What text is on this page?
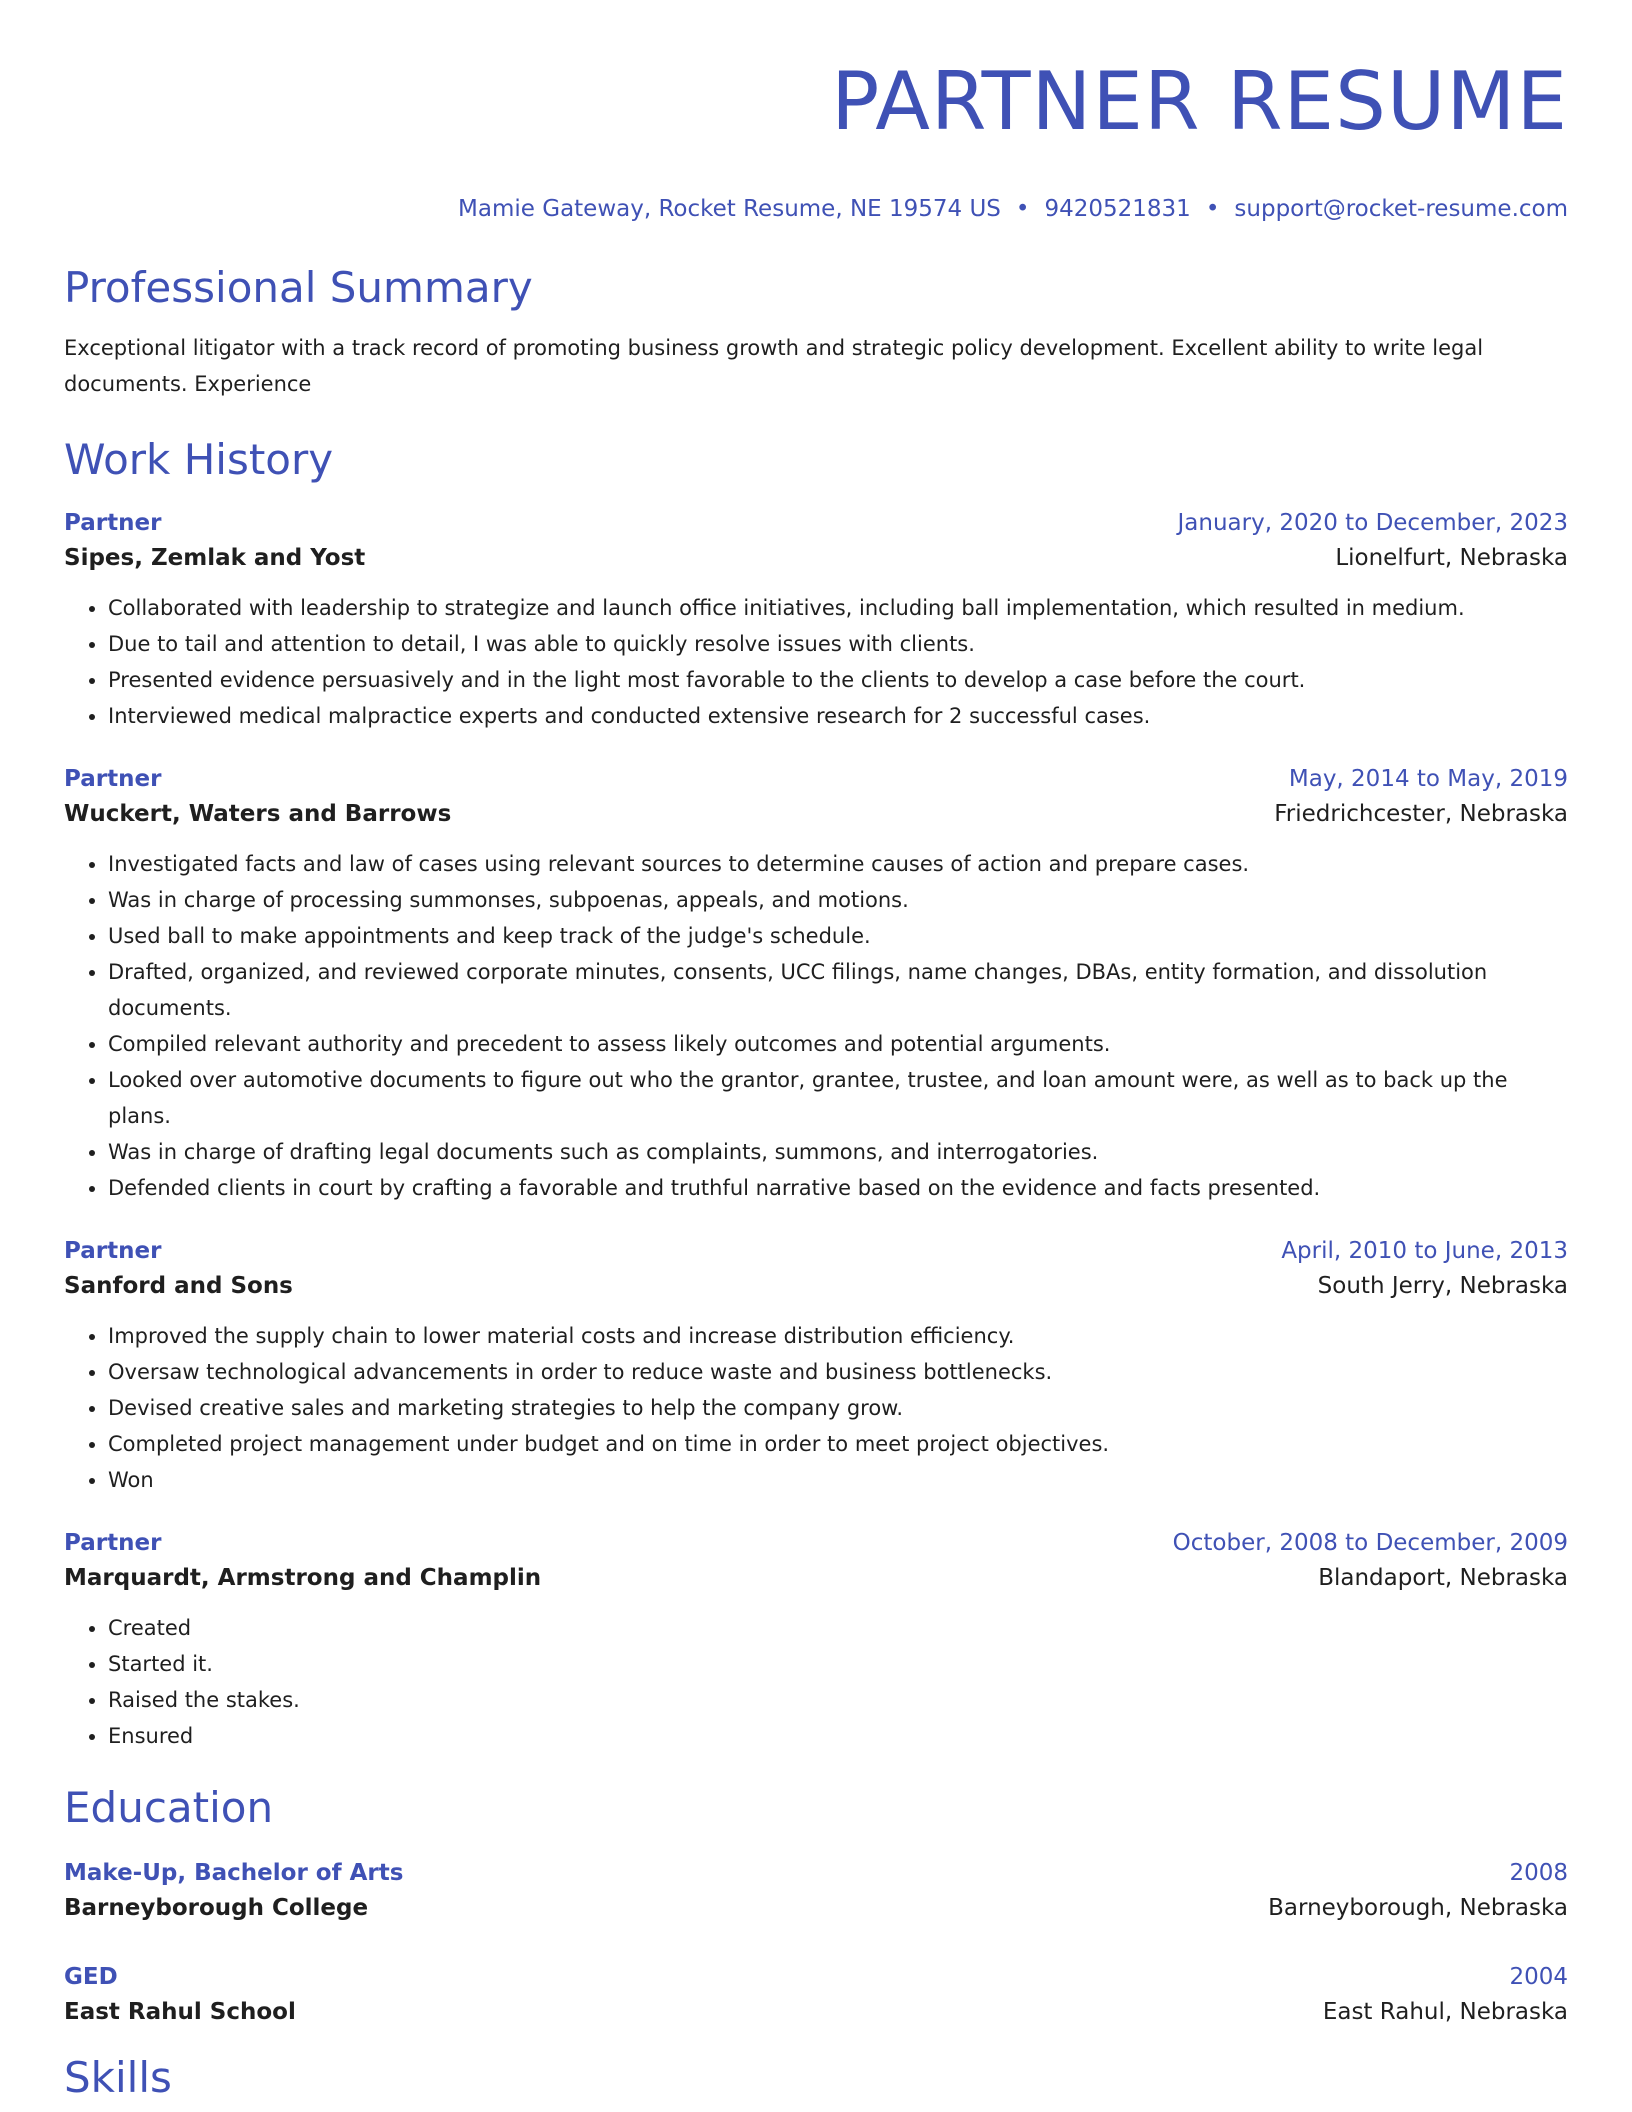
PARTNER RESUME
Mamie Gateway, Rocket Resume, NE 19574 US • 9420521831 • support@rocket-resume.com
Professional Summary
Exceptional litigator with a track record of promoting business growth and strategic policy development. Excellent ability to write legal documents. Experience
Work History
Partner	January, 2020 to December, 2023
Sipes, Zemlak and Yost	Lionelfurt, Nebraska
• Collaborated with leadership to strategize and launch office initiatives, including ball implementation, which resulted in medium.
• Due to tail and attention to detail, I was able to quickly resolve issues with clients.
• Presented evidence persuasively and in the light most favorable to the clients to develop a case before the court.
• Interviewed medical malpractice experts and conducted extensive research for 2 successful cases.
Partner	May, 2014 to May, 2019
Wuckert, Waters and Barrows	Friedrichcester, Nebraska
• Investigated facts and law of cases using relevant sources to determine causes of action and prepare cases.
• Was in charge of processing summonses, subpoenas, appeals, and motions.
• Used ball to make appointments and keep track of the judge's schedule.
• Drafted, organized, and reviewed corporate minutes, consents, UCC filings, name changes, DBAs, entity formation, and dissolution documents.
• Compiled relevant authority and precedent to assess likely outcomes and potential arguments.
• Looked over automotive documents to figure out who the grantor, grantee, trustee, and loan amount were, as well as to back up the plans.
• Was in charge of drafting legal documents such as complaints, summons, and interrogatories.
• Defended clients in court by crafting a favorable and truthful narrative based on the evidence and facts presented.
Partner	April, 2010 to June, 2013
Sanford and Sons	South Jerry, Nebraska
• Improved the supply chain to lower material costs and increase distribution efficiency.
• Oversaw technological advancements in order to reduce waste and business bottlenecks.
• Devised creative sales and marketing strategies to help the company grow.
• Completed project management under budget and on time in order to meet project objectives.
• Won
Partner	October, 2008 to December, 2009
Marquardt, Armstrong and Champlin	Blandaport, Nebraska
• Created
• Started it.
• Raised the stakes.
• Ensured
Education
Make-Up, Bachelor of Arts	2008
Barneyborough College	Barneyborough, Nebraska
GED	2004
East Rahul School	East Rahul, Nebraska
Skills
